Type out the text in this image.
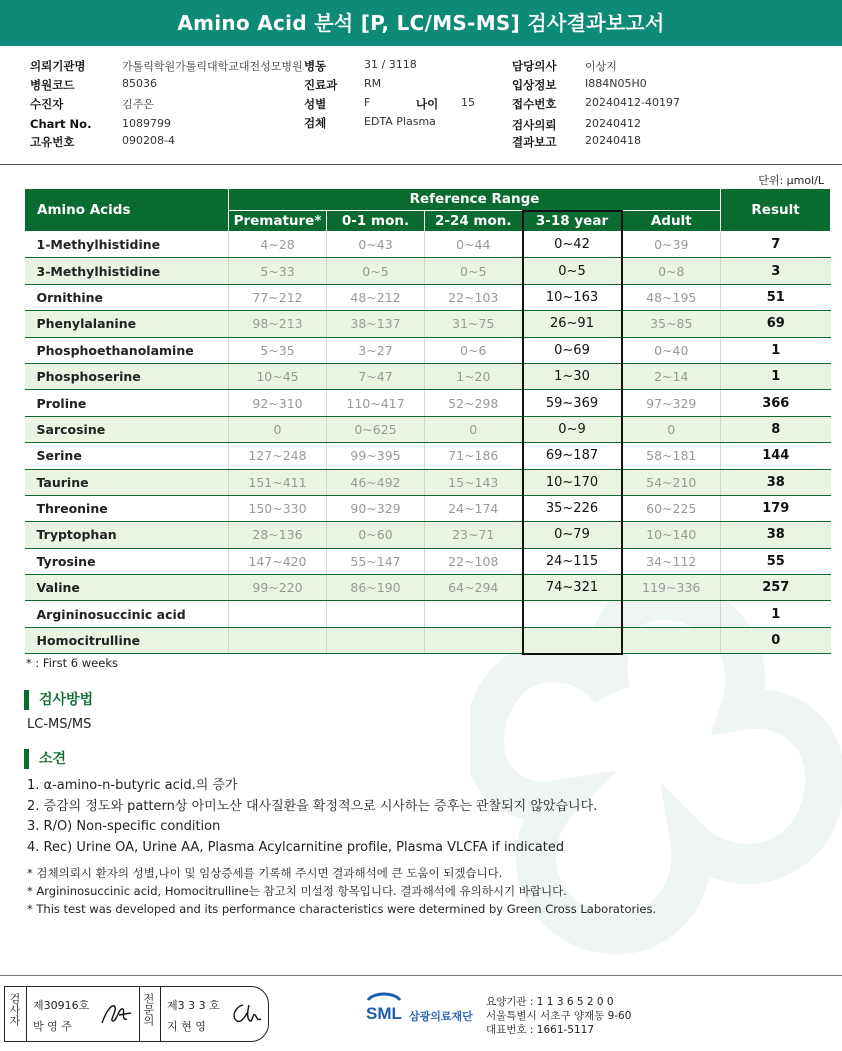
Amino Acid 분석 [P, LC/MS-MS] 검사결과보고서
의뢰기관명	가톨릭학원가톨릭대학교대전성모병원
병원코드	85036
수진자	김주은
Chart No.	1089799
고유번호	090208-4
병동	31 / 3118
진료과 RM
성별	F	나이 15
검체	EDTA Plasma
담당의사	이상지
입상정보	I884N05H0
접수번호	20240412-40197
검사의뢰	20240412
결과보고	20240418
단위: μmol/L
Amino Acids	Reference Range					Result
	Premature*	0-1 mon.	2-24 mon.	3-18 year	Adult	
1-Methylhistidine	4~28	0~43	0~44	0~42	0~39	7
3-Methylhistidine	5~33	0~5	0~5	0~5	0~8	3
Ornithine	77~212	48~212	22~103	10~163	48~195	51
Phenylalanine	98~213	38~137	31~75	26~91	35~85	69
Phosphoethanolamine	5~35	3~27	0~6	0~69	0~40	1
Phosphoserine	10~45	7~47	1~20	1~30	2~14	1
Proline	92~310	110~417	52~298	59~369	97~329	366
Sarcosine	0	0~625	0	0~9	0	8
Serine	127~248	99~395	71~186	69~187	58~181	144
Taurine	151~411	46~492	15~143	10~170	54~210	38
Threonine	150~330	90~329	24~174	35~226	60~225	179
Tryptophan	28~136	0~60	23~71	0~79	10~140	38
Tyrosine	147~420	55~147	22~108	24~115	34~112	55
Valine	99~220	86~190	64~294	74~321	119~336	257
Argininosuccinic acid						1
Homocitrulline						0
* : First 6 weeks
검사방법
LC-MS/MS
소견
1. α-amino-n-butyric acid.의 증가
2. 증감의 정도와 pattern상 아미노산 대사질환을 확정적으로 시사하는 증후는 관찰되지 않았습니다.
3. R/O) Non-specific condition
4. Rec) Urine OA, Urine AA, Plasma Acylcarnitine profile, Plasma VLCFA if indicated
* 검체의뢰시 환자의 성별,나이 및 임상증세를 기록해 주시면 결과해석에 큰 도움이 되겠습니다.
* Argininosuccinic acid, Homocitrulline는 참고치 미설정 항목입니다. 결과해석에 유의하시기 바랍니다.
* This test was developed and its performance characteristics were determined by Green Cross Laboratories.
검사자 제30916호
박 영 주
전문의 제3 3 3 호
지 현 영
SML 삼광의료재단
요양기관 : 1 1 3 6 5 2 0 0
서울특별시 서초구 양재동 9-60
대표번호 : 1661-5117
